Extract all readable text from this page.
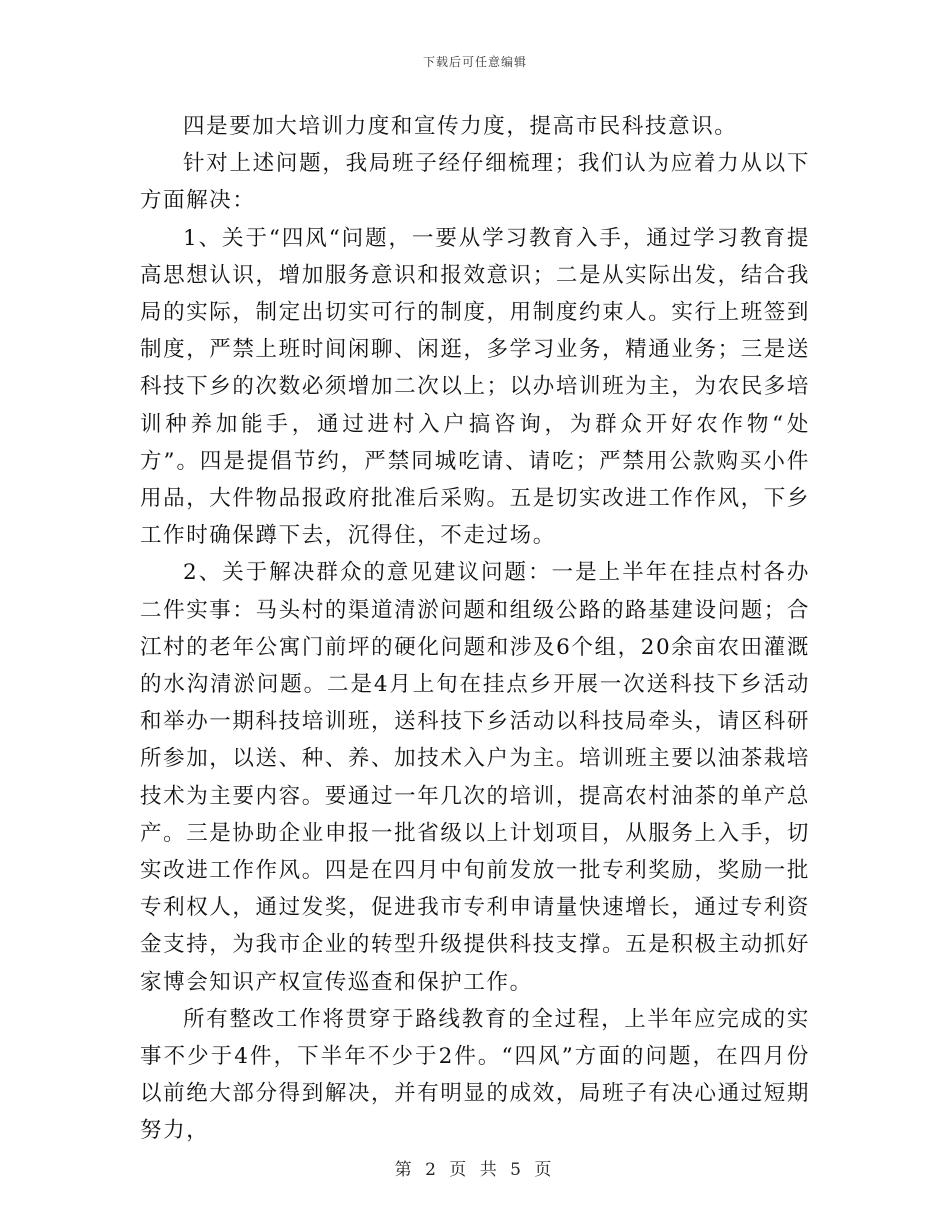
下载后可任意编辑

四是要加大培训力度和宣传力度，提高市民科技意识。

针对上述问题，我局班子经仔细梳理；我们认为应着力从以下方面解决：

1、关于“四风“问题，一要从学习教育入手，通过学习教育提高思想认识，增加服务意识和报效意识；二是从实际出发，结合我局的实际，制定出切实可行的制度，用制度约束人。实行上班签到制度，严禁上班时间闲聊、闲逛，多学习业务，精通业务；三是送科技下乡的次数必须增加二次以上；以办培训班为主，为农民多培训种养加能手，通过进村入户搞咨询，为群众开好农作物“处方”。四是提倡节约，严禁同城吃请、请吃；严禁用公款购买小件用品，大件物品报政府批准后采购。五是切实改进工作作风，下乡工作时确保蹲下去，沉得住，不走过场。

2、关于解决群众的意见建议问题：一是上半年在挂点村各办二件实事：马头村的渠道清淤问题和组级公路的路基建设问题；合江村的老年公寓门前坪的硬化问题和涉及6个组，20余亩农田灌溉的水沟清淤问题。二是4月上旬在挂点乡开展一次送科技下乡活动和举办一期科技培训班，送科技下乡活动以科技局牵头，请区科研所参加，以送、种、养、加技术入户为主。培训班主要以油茶栽培技术为主要内容。要通过一年几次的培训，提高农村油茶的单产总产。三是协助企业申报一批省级以上计划项目，从服务上入手，切实改进工作作风。四是在四月中旬前发放一批专利奖励，奖励一批专利权人，通过发奖，促进我市专利申请量快速增长，通过专利资金支持，为我市企业的转型升级提供科技支撑。五是积极主动抓好家博会知识产权宣传巡查和保护工作。

所有整改工作将贯穿于路线教育的全过程，上半年应完成的实事不少于4件，下半年不少于2件。“四风”方面的问题，在四月份以前绝大部分得到解决，并有明显的成效，局班子有决心通过短期努力，

第 2 页 共 5 页
